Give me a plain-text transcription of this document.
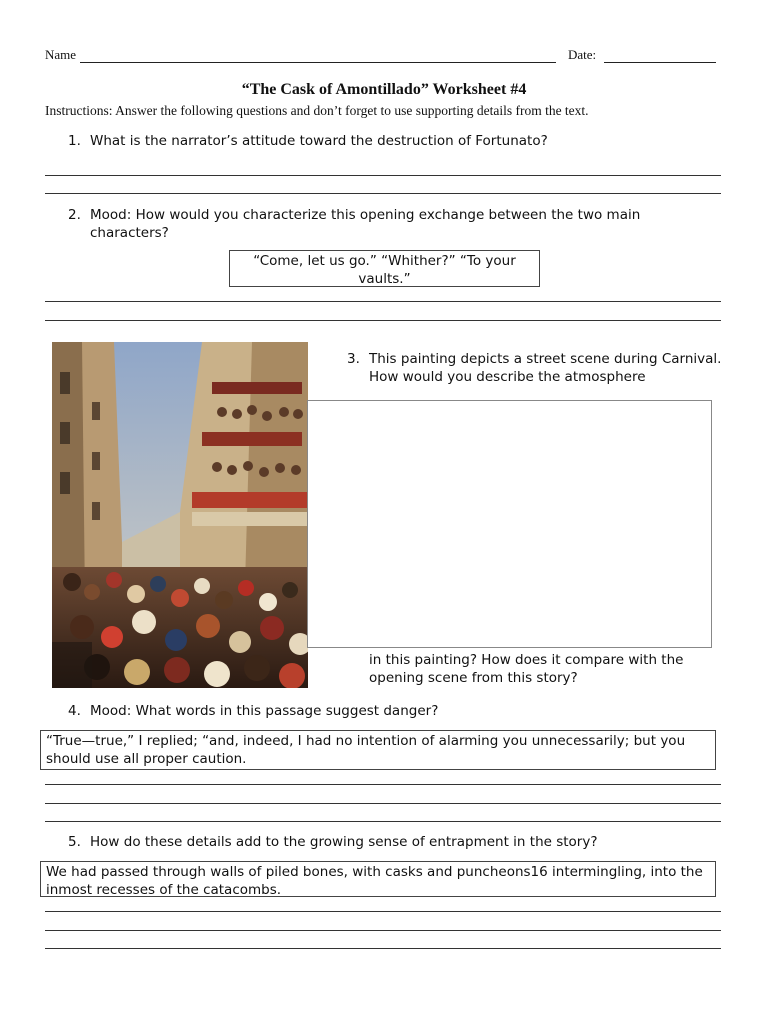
Name	Date:
“The Cask of Amontillado” Worksheet #4
Instructions: Answer the following questions and don’t forget to use supporting details from the text.
1. What is the narrator’s attitude toward the destruction of Fortunato?
2. Mood: How would you characterize this opening exchange between the two main characters?
“Come, let us go.” “Whither?” “To your vaults.”
3. This painting depicts a street scene during Carnival. How would you describe the atmosphere
in this painting? How does it compare with the opening scene from this story?
4. Mood: What words in this passage suggest danger?
“True—true,” I replied; “and, indeed, I had no intention of alarming you unnecessarily; but you should use all proper caution.
5. How do these details add to the growing sense of entrapment in the story?
We had passed through walls of piled bones, with casks and puncheons16 intermingling, into the inmost recesses of the catacombs.
